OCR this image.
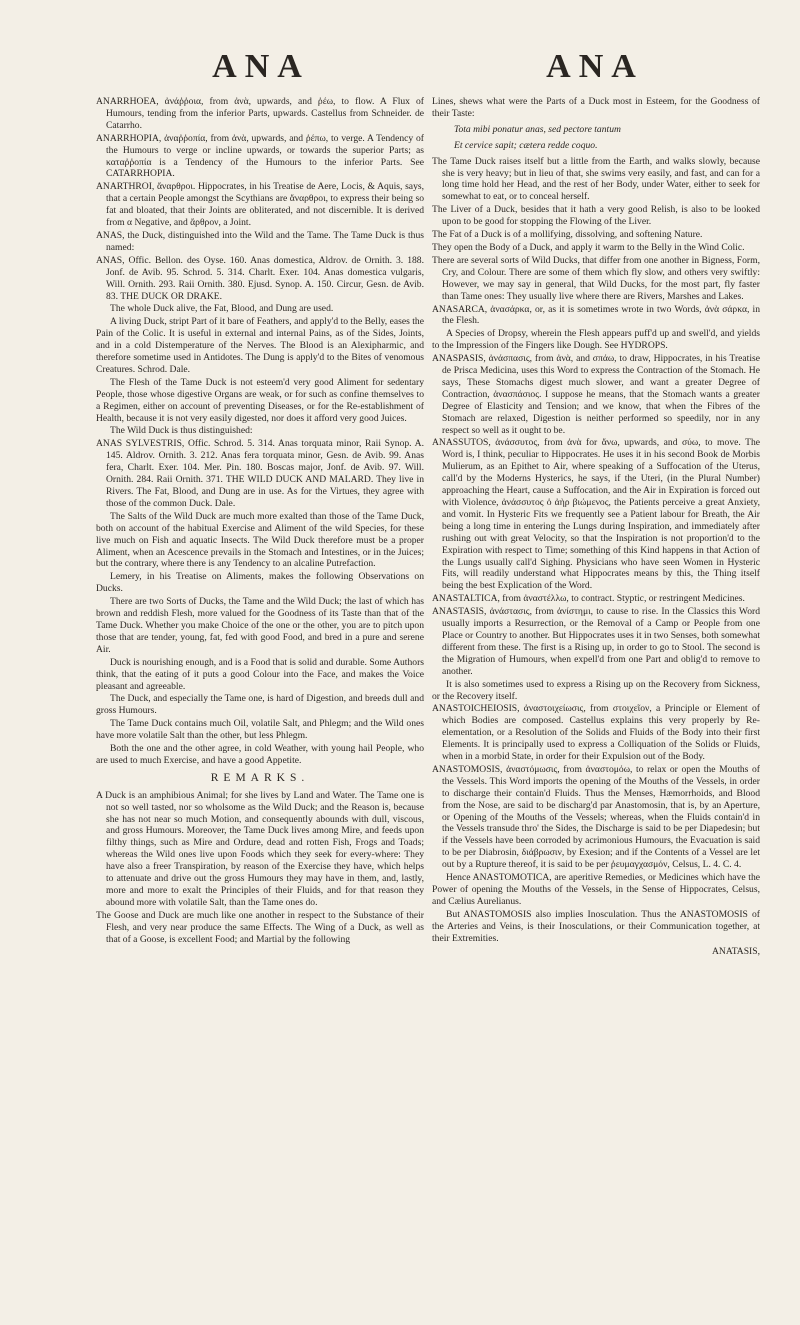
ANA	ANA

ANARRHOEA, ἀνάῤῥοια, from ἀνὰ, upwards, and ῥέω, to flow. A Flux of Humours, tending from the inferior Parts, upwards. Castellus from Schneider. de Catarrho.

ANARRHOPIA, ἀναῤῥοπία, from ἀνὰ, upwards, and ῥέπω, to verge. A Tendency of the Humours to verge or incline upwards, or towards the superior Parts; as καταῤῥοπία is a Tendency of the Humours to the inferior Parts. See CATARRHOPIA.

ANARTHROI, ἄναρθροι. Hippocrates, in his Treatise de Aere, Locis, & Aquis, says, that a certain People amongst the Scythians are ἄναρθροι, to express their being so fat and bloated, that their Joints are obliterated, and not discernible. It is derived from α Negative, and ἄρθρον, a Joint.

ANAS, the Duck, distinguished into the Wild and the Tame. The Tame Duck is thus named:

ANAS, Offic. Bellon. des Oyse. 160. Anas domestica, Aldrov. de Ornith. 3. 188. Jonf. de Avib. 95. Schrod. 5. 314. Charlt. Exer. 104. Anas domestica vulgaris, Will. Ornith. 293. Raii Ornith. 380. Ejusd. Synop. A. 150. Circur, Gesn. de Avib. 83. THE DUCK OR DRAKE.

The whole Duck alive, the Fat, Blood, and Dung are used.

A living Duck, stript Part of it bare of Feathers, and apply'd to the Belly, eases the Pain of the Colic. It is useful in external and internal Pains, as of the Sides, Joints, and in a cold Distemperature of the Nerves. The Blood is an Alexipharmic, and therefore sometime used in Antidotes. The Dung is apply'd to the Bites of venomous Creatures. Schrod. Dale.

The Flesh of the Tame Duck is not esteem'd very good Aliment for sedentary People, those whose digestive Organs are weak, or for such as confine themselves to a Regimen, either on account of preventing Diseases, or for the Re-establishment of Health, because it is not very easily digested, nor does it afford very good Juices.

The Wild Duck is thus distinguished:

ANAS SYLVESTRIS, Offic. Schrod. 5. 314. Anas torquata minor, Raii Synop. A. 145. Aldrov. Ornith. 3. 212. Anas fera torquata minor, Gesn. de Avib. 99. Anas fera, Charlt. Exer. 104. Mer. Pin. 180. Boscas major, Jonf. de Avib. 97. Will. Ornith. 284. Raii Ornith. 371. THE WILD DUCK AND MALARD. They live in Rivers. The Fat, Blood, and Dung are in use. As for the Virtues, they agree with those of the common Duck. Dale.

The Salts of the Wild Duck are much more exalted than those of the Tame Duck, both on account of the habitual Exercise and Aliment of the wild Species, for these live much on Fish and aquatic Insects. The Wild Duck therefore must be a proper Aliment, when an Acescence prevails in the Stomach and Intestines, or in the Juices; but the contrary, where there is any Tendency to an alcaline Putrefaction.

Lemery, in his Treatise on Aliments, makes the following Observations on Ducks.

There are two Sorts of Ducks, the Tame and the Wild Duck; the last of which has brown and reddish Flesh, more valued for the Goodness of its Taste than that of the Tame Duck. Whether you make Choice of the one or the other, you are to pitch upon those that are tender, young, fat, fed with good Food, and bred in a pure and serene Air.

Duck is nourishing enough, and is a Food that is solid and durable. Some Authors think, that the eating of it puts a good Colour into the Face, and makes the Voice pleasant and agreeable.

The Duck, and especially the Tame one, is hard of Digestion, and breeds dull and gross Humours.

The Tame Duck contains much Oil, volatile Salt, and Phlegm; and the Wild ones have more volatile Salt than the other, but less Phlegm.

Both the one and the other agree, in cold Weather, with young hail People, who are used to much Exercise, and have a good Appetite.

REMARKS.

A Duck is an amphibious Animal; for she lives by Land and Water. The Tame one is not so well tasted, nor so wholsome as the Wild Duck; and the Reason is, because she has not near so much Motion, and consequently abounds with dull, viscous, and gross Humours. Moreover, the Tame Duck lives among Mire, and feeds upon filthy things, such as Mire and Ordure, dead and rotten Fish, Frogs and Toads; whereas the Wild ones live upon Foods which they seek for every-where: They have also a freer Transpiration, by reason of the Exercise they have, which helps to attenuate and drive out the gross Humours they may have in them, and, lastly, more and more to exalt the Principles of their Fluids, and for that reason they abound more with volatile Salt, than the Tame ones do.

The Goose and Duck are much like one another in respect to the Substance of their Flesh, and very near produce the same Effects. The Wing of a Duck, as well as that of a Goose, is excellent Food; and Martial by the following

Lines, shews what were the Parts of a Duck most in Esteem, for the Goodness of their Taste:

Tota mibi ponatur anas, sed pectore tantum

Et cervice sapit; cætera redde coquo.

The Tame Duck raises itself but a little from the Earth, and walks slowly, because she is very heavy; but in lieu of that, she swims very easily, and fast, and can for a long time hold her Head, and the rest of her Body, under Water, either to seek for somewhat to eat, or to conceal herself.

The Liver of a Duck, besides that it hath a very good Relish, is also to be looked upon to be good for stopping the Flowing of the Liver.

The Fat of a Duck is of a mollifying, dissolving, and softening Nature.

They open the Body of a Duck, and apply it warm to the Belly in the Wind Colic.

There are several sorts of Wild Ducks, that differ from one another in Bigness, Form, Cry, and Colour. There are some of them which fly slow, and others very swiftly: However, we may say in general, that Wild Ducks, for the most part, fly faster than Tame ones: They usually live where there are Rivers, Marshes and Lakes.

ANASARCA, ἀνασάρκα, or, as it is sometimes wrote in two Words, ἀνὰ σάρκα, in the Flesh.

A Species of Dropsy, wherein the Flesh appears puff'd up and swell'd, and yields to the Impression of the Fingers like Dough. See HYDROPS.

ANASPASIS, ἀνάσπασις, from ἀνὰ, and σπάω, to draw, Hippocrates, in his Treatise de Prisca Medicina, uses this Word to express the Contraction of the Stomach. He says, These Stomachs digest much slower, and want a greater Degree of Contraction, ἀνασπάσιος. I suppose he means, that the Stomach wants a greater Degree of Elasticity and Tension; and we know, that when the Fibres of the Stomach are relaxed, Digestion is neither performed so speedily, nor in any respect so well as it ought to be.

ANASSUTOS, ἀνάσσυτος, from ἀνὰ for ἄνω, upwards, and σύω, to move. The Word is, I think, peculiar to Hippocrates. He uses it in his second Book de Morbis Mulierum, as an Epithet to Air, where speaking of a Suffocation of the Uterus, call'd by the Moderns Hysterics, he says, if the Uteri, (in the Plural Number) approaching the Heart, cause a Suffocation, and the Air in Expiration is forced out with Violence, ἀνάσσυτος ὁ ἀὴρ βιώμενος, the Patients perceive a great Anxiety, and vomit. In Hysteric Fits we frequently see a Patient labour for Breath, the Air being a long time in entering the Lungs during Inspiration, and immediately after rushing out with great Velocity, so that the Inspiration is not proportion'd to the Expiration with respect to Time; something of this Kind happens in that Action of the Lungs usually call'd Sighing. Physicians who have seen Women in Hysteric Fits, will readily understand what Hippocrates means by this, the Thing itself being the best Explication of the Word.

ANASTALTICA, from ἀναστέλλω, to contract. Styptic, or restringent Medicines.

ANASTASIS, ἀνάστασις, from ἀνίστημι, to cause to rise. In the Classics this Word usually imports a Resurrection, or the Removal of a Camp or People from one Place or Country to another. But Hippocrates uses it in two Senses, both somewhat different from these. The first is a Rising up, in order to go to Stool. The second is the Migration of Humours, when expell'd from one Part and oblig'd to remove to another.

It is also sometimes used to express a Rising up on the Recovery from Sickness, or the Recovery itself.

ANASTOICHEIOSIS, ἀναστοιχείωσις, from στοιχεῖον, a Principle or Element of which Bodies are composed. Castellus explains this very properly by Re-elementation, or a Resolution of the Solids and Fluids of the Body into their first Elements. It is principally used to express a Colliquation of the Solids or Fluids, when in a morbid State, in order for their Expulsion out of the Body.

ANASTOMOSIS, ἀναστόμωσις, from ἀναστομόω, to relax or open the Mouths of the Vessels. This Word imports the opening of the Mouths of the Vessels, in order to discharge their contain'd Fluids. Thus the Menses, Hæmorrhoids, and Blood from the Nose, are said to be discharg'd par Anastomosin, that is, by an Aperture, or Opening of the Mouths of the Vessels; whereas, when the Fluids contain'd in the Vessels transude thro' the Sides, the Discharge is said to be per Diapedesin; but if the Vessels have been corroded by acrimonious Humours, the Evacuation is said to be per Diabrosin, διάβρωσιν, by Exesion; and if the Contents of a Vessel are let out by a Rupture thereof, it is said to be per ῥευμαγχασμόν, Celsus, L. 4. C. 4.

Hence ANASTOMOTICA, are aperitive Remedies, or Medicines which have the Power of opening the Mouths of the Vessels, in the Sense of Hippocrates, Celsus, and Cælius Aurelianus.

But ANASTOMOSIS also implies Inosculation. Thus the ANASTOMOSIS of the Arteries and Veins, is their Inosculations, or their Communication together, at their Extremities.

ANATASIS,
